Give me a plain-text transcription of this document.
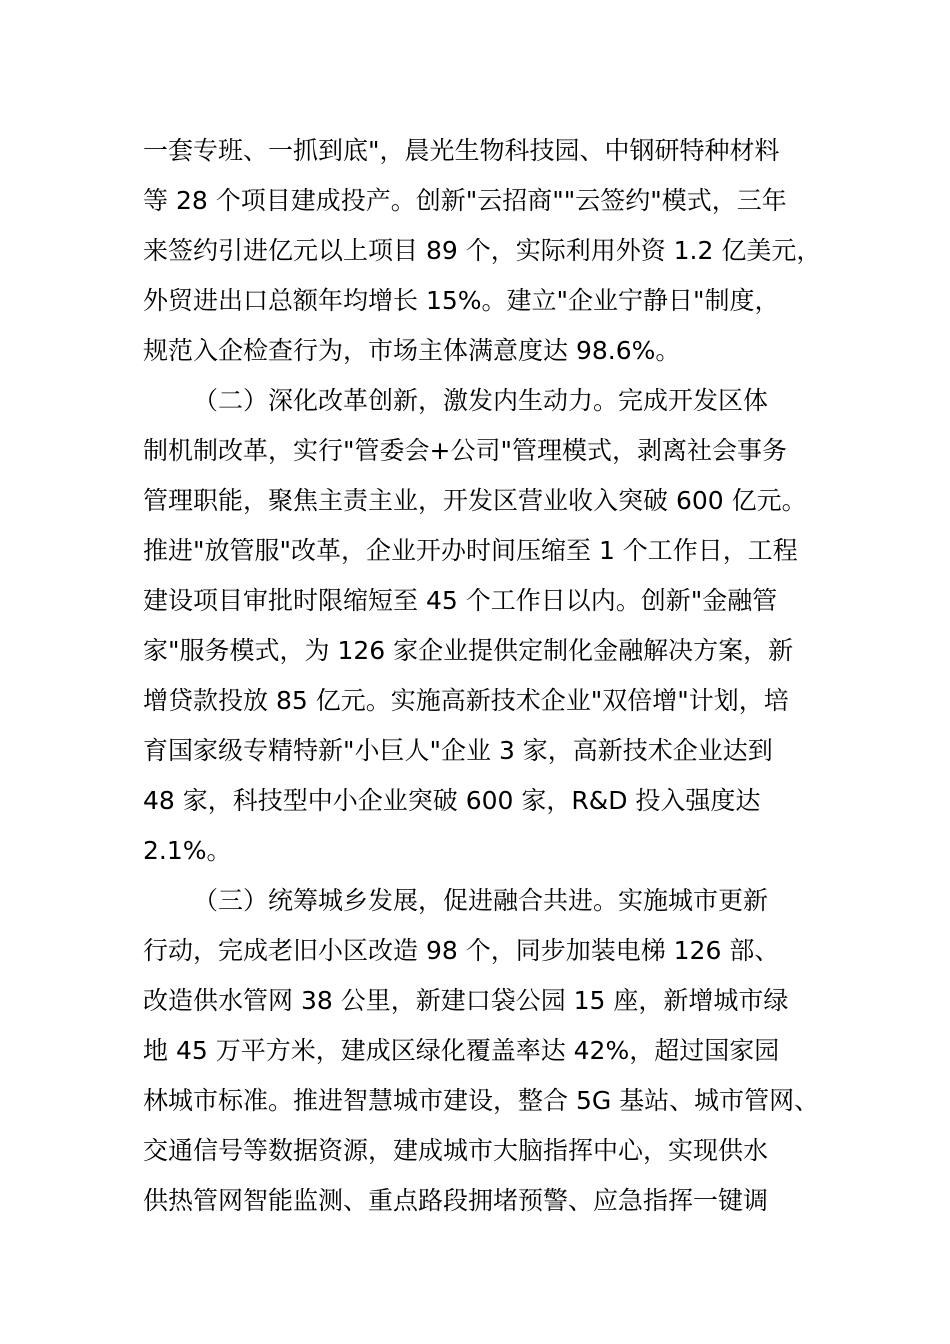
一套专班、一抓到底"，晨光生物科技园、中钢研特种材料
等 28 个项目建成投产。创新"云招商""云签约"模式，三年
来签约引进亿元以上项目 89 个，实际利用外资 1.2 亿美元，
外贸进出口总额年均增长 15%。建立"企业宁静日"制度，
规范入企检查行为，市场主体满意度达 98.6%。
（二）深化改革创新，激发内生动力。完成开发区体
制机制改革，实行"管委会+公司"管理模式，剥离社会事务
管理职能，聚焦主责主业，开发区营业收入突破 600 亿元。
推进"放管服"改革，企业开办时间压缩至 1 个工作日，工程
建设项目审批时限缩短至 45 个工作日以内。创新"金融管
家"服务模式，为 126 家企业提供定制化金融解决方案，新
增贷款投放 85 亿元。实施高新技术企业"双倍增"计划，培
育国家级专精特新"小巨人"企业 3 家，高新技术企业达到
48 家，科技型中小企业突破 600 家，R&D 投入强度达
2.1%。
（三）统筹城乡发展，促进融合共进。实施城市更新
行动，完成老旧小区改造 98 个，同步加装电梯 126 部、
改造供水管网 38 公里，新建口袋公园 15 座，新增城市绿
地 45 万平方米，建成区绿化覆盖率达 42%，超过国家园
林城市标准。推进智慧城市建设，整合 5G 基站、城市管网、
交通信号等数据资源，建成城市大脑指挥中心，实现供水
供热管网智能监测、重点路段拥堵预警、应急指挥一键调
